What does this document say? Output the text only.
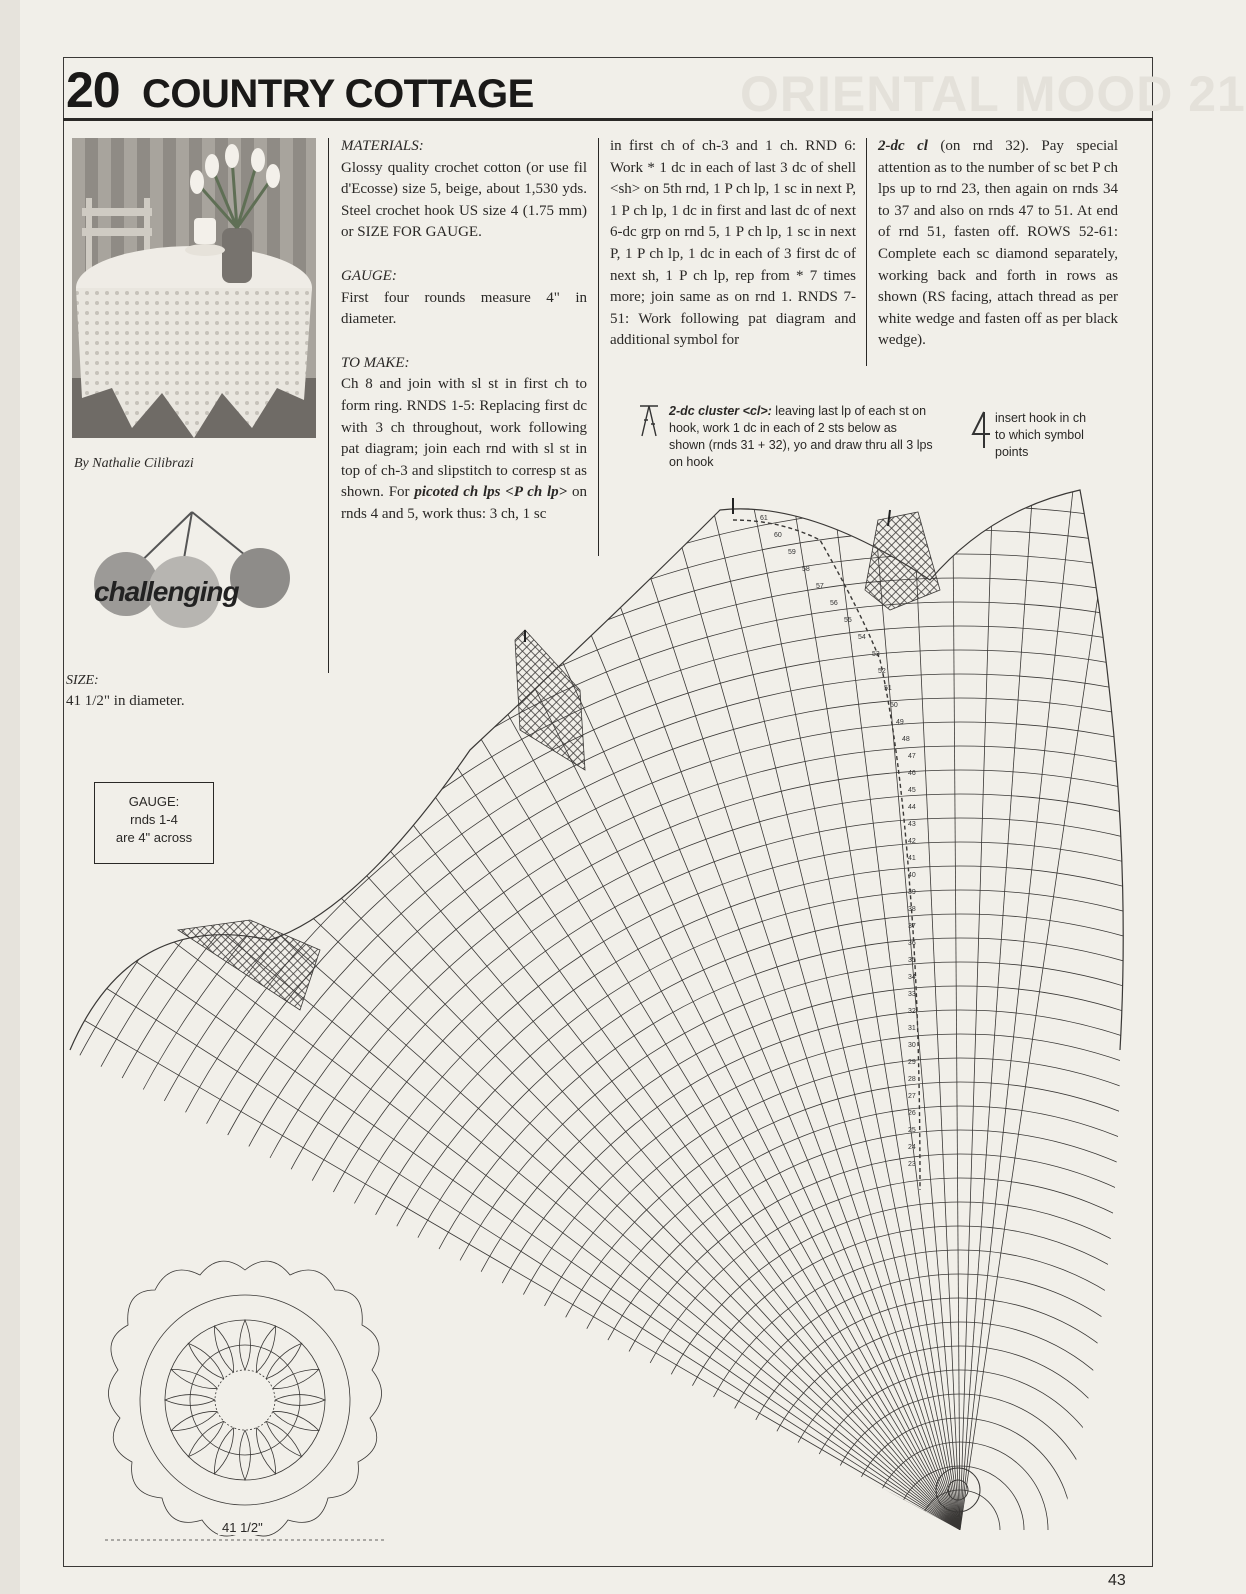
ORIENTAL MOOD 21
20 COUNTRY COTTAGE
By Nathalie Cilibrazi
challenging
SIZE:
41 1/2" in diameter.
GAUGE:
rnds 1-4
are 4" across

MATERIALS:
Glossy quality crochet cotton (or use fil d'Ecosse) size 5, beige, about 1,530 yds. Steel crochet hook US size 4 (1.75 mm) or SIZE FOR GAUGE.

GAUGE:
First four rounds measure 4" in diameter.

TO MAKE:
Ch 8 and join with sl st in first ch to form ring. RNDS 1-5: Replacing first dc with 3 ch throughout, work following pat diagram; join each rnd with sl st in top of ch-3 and slipstitch to corresp st as shown. For picoted ch lps <P ch lp> on rnds 4 and 5, work thus: 3 ch, 1 sc

in first ch of ch-3 and 1 ch. RND 6: Work * 1 dc in each of last 3 dc of shell <sh> on 5th rnd, 1 P ch lp, 1 sc in next P, 1 P ch lp, 1 dc in first and last dc of next 6-dc grp on rnd 5, 1 P ch lp, 1 sc in next P, 1 P ch lp, 1 dc in each of 3 first dc of next sh, 1 P ch lp, rep from * 7 times more; join same as on rnd 1. RNDS 7-51: Work following pat diagram and additional symbol for

2-dc cl (on rnd 32). Pay special attention as to the number of sc bet P ch lps up to rnd 23, then again on rnds 34 to 37 and also on rnds 47 to 51. At end of rnd 51, fasten off. ROWS 52-61: Complete each sc diamond separately, working back and forth in rows as shown (RS facing, attach thread as per white wedge and fasten off as per black wedge).

2-dc cluster <cl>: leaving last lp of each st on hook, work 1 dc in each of 2 sts below as shown (rnds 31 + 32), yo and draw thru all 3 lps on hook
insert hook in ch to which symbol points
61
60
59
58
57
56
55
54
53
52
51
50
49
48
47
46
45
44
43
42
41
40
39
38
37
36
35
34
33
32
31
30
29
28
27
26
25
24
23
41 1/2"
43
